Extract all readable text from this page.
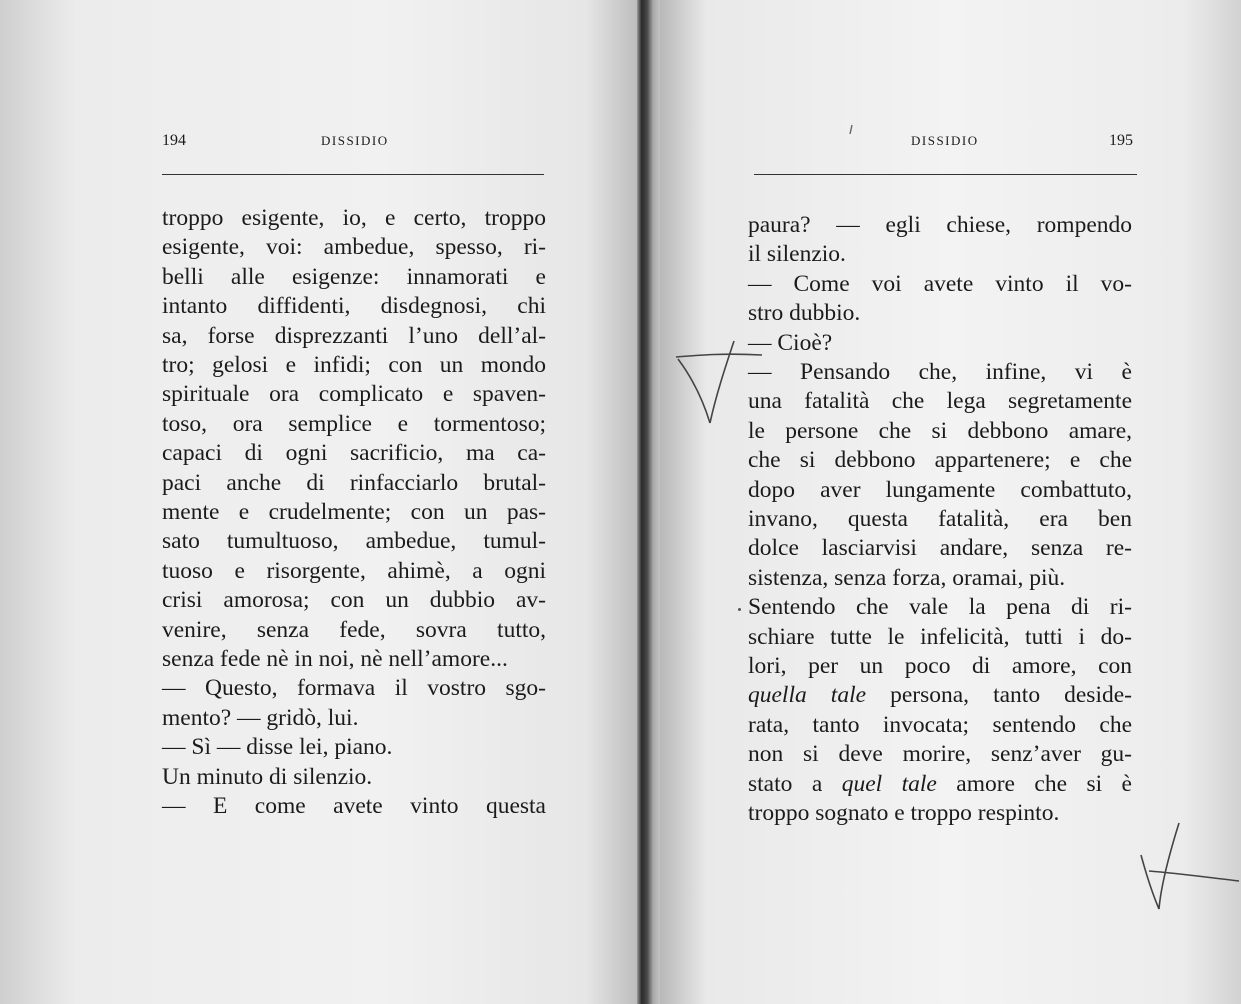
194	DISSIDIO
troppo esigente, io, e certo, troppo
esigente, voi: ambedue, spesso, ri-
belli alle esigenze: innamorati e
intanto diffidenti, disdegnosi, chi
sa, forse disprezzanti l’uno dell’al-
tro; gelosi e infidi; con un mondo
spirituale ora complicato e spaven-
toso, ora semplice e tormentoso;
capaci di ogni sacrificio, ma ca-
paci anche di rinfacciarlo brutal-
mente e crudelmente; con un pas-
sato tumultuoso, ambedue, tumul-
tuoso e risorgente, ahimè, a ogni
crisi amorosa; con un dubbio av-
venire, senza fede, sovra tutto,
senza fede nè in noi, nè nell’amore...
— Questo, formava il vostro sgo-
mento? — gridò, lui.
— Sì — disse lei, piano.
Un minuto di silenzio.
— E come avete vinto questa
DISSIDIO	195
paura? — egli chiese, rompendo
il silenzio.
— Come voi avete vinto il vo-
stro dubbio.
— Cioè?
— Pensando che, infine, vi è
una fatalità che lega segretamente
le persone che si debbono amare,
che si debbono appartenere; e che
dopo aver lungamente combattuto,
invano, questa fatalità, era ben
dolce lasciarvisi andare, senza re-
sistenza, senza forza, oramai, più.
Sentendo che vale la pena di ri-
schiare tutte le infelicità, tutti i do-
lori, per un poco di amore, con
quella tale persona, tanto deside-
rata, tanto invocata; sentendo che
non si deve morire, senz’aver gu-
stato a quel tale amore che si è
troppo sognato e troppo respinto.
